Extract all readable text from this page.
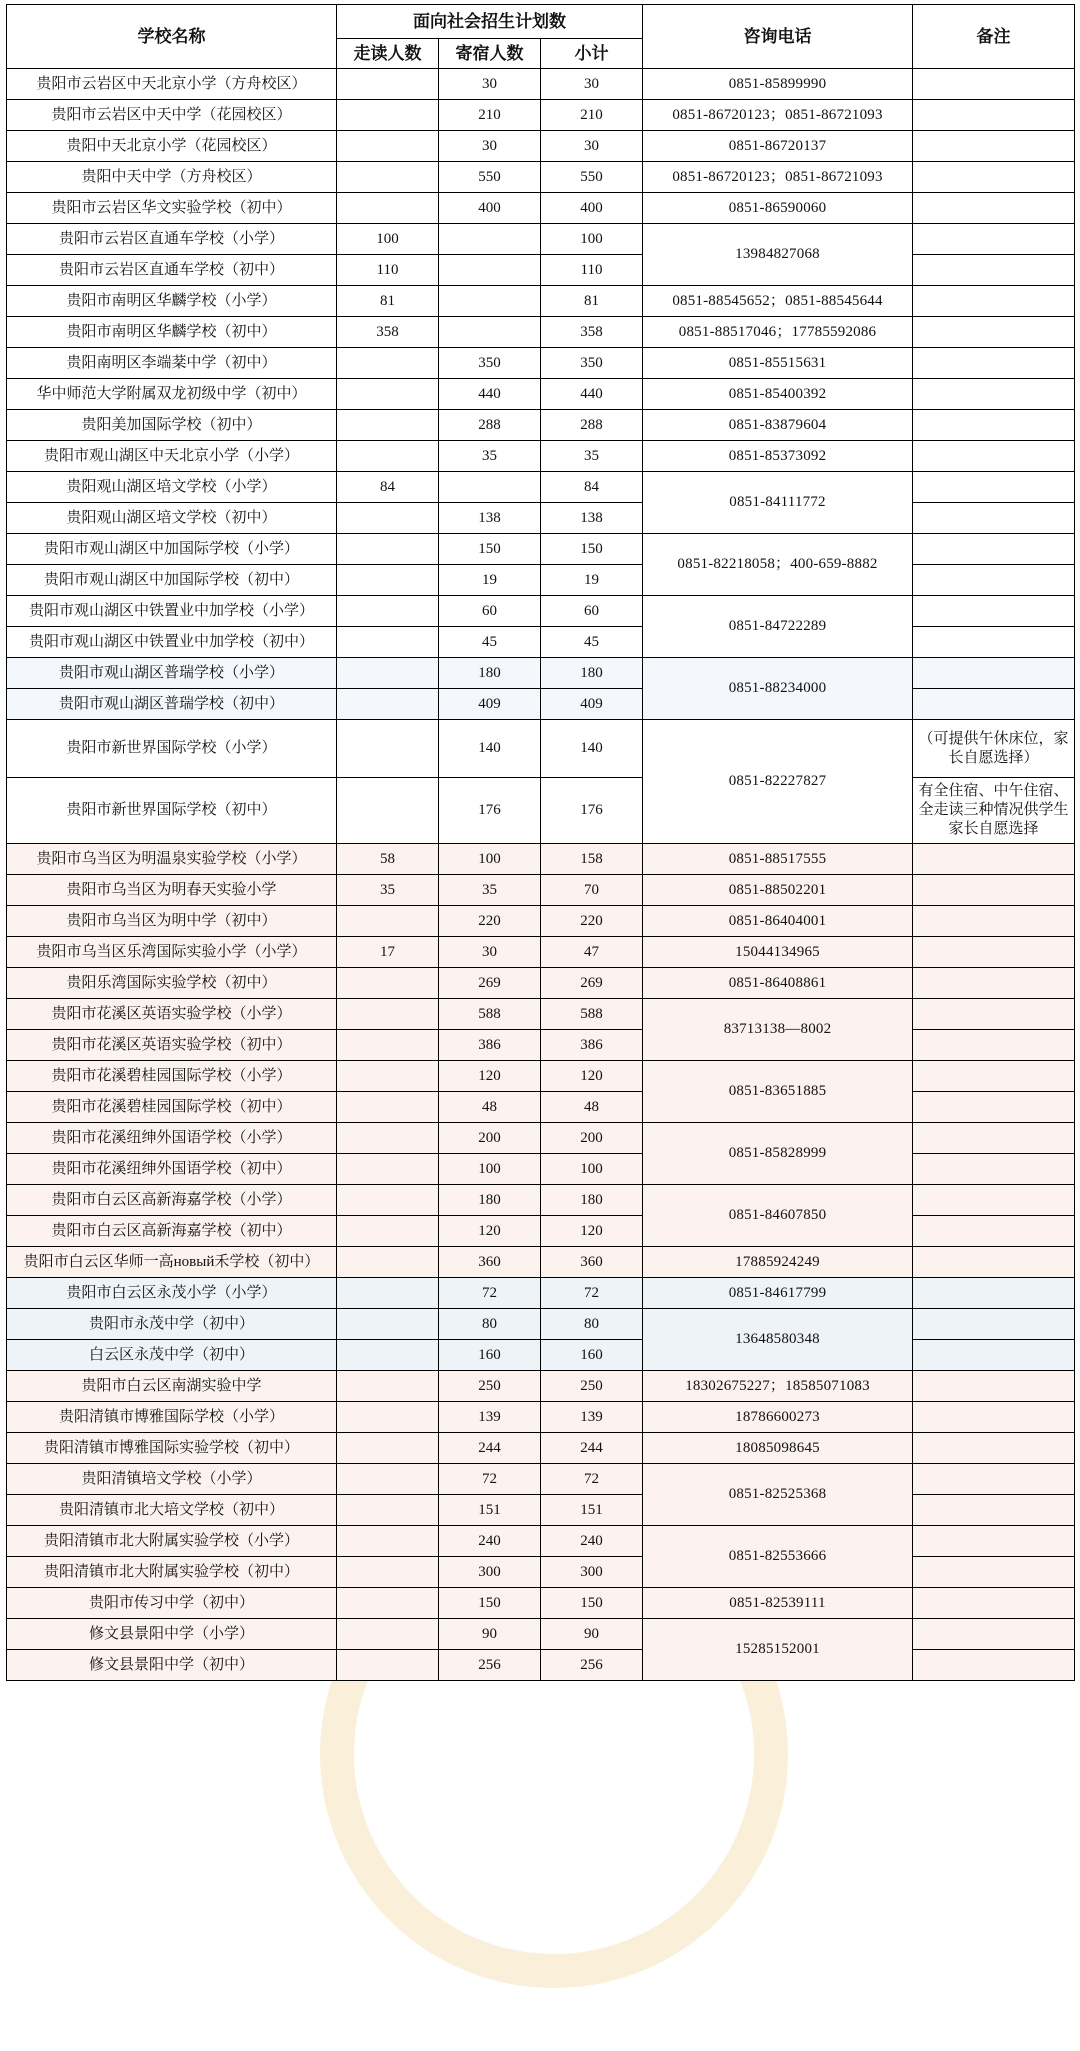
学校名称	面向社会招生计划数			咨询电话	备注
	走读人数	寄宿人数	小计		
贵阳市云岩区中天北京小学（方舟校区）		30	30	0851-85899990	
贵阳市云岩区中天中学（花园校区）		210	210	0851-86720123；0851-86721093	
贵阳中天北京小学（花园校区）		30	30	0851-86720137	
贵阳中天中学（方舟校区）		550	550	0851-86720123；0851-86721093	
贵阳市云岩区华文实验学校（初中）		400	400	0851-86590060	
贵阳市云岩区直通车学校（小学）	100		100	13984827068	
贵阳市云岩区直通车学校（初中）	110		110		
贵阳市南明区华麟学校（小学）	81		81	0851-88545652；0851-88545644	
贵阳市南明区华麟学校（初中）	358		358	0851-88517046；17785592086	
贵阳南明区李端棻中学（初中）		350	350	0851-85515631	
华中师范大学附属双龙初级中学（初中）		440	440	0851-85400392	
贵阳美加国际学校（初中）		288	288	0851-83879604	
贵阳市观山湖区中天北京小学（小学）		35	35	0851-85373092	
贵阳观山湖区培文学校（小学）	84		84	0851-84111772	
贵阳观山湖区培文学校（初中）		138	138		
贵阳市观山湖区中加国际学校（小学）		150	150	0851-82218058；400-659-8882	
贵阳市观山湖区中加国际学校（初中）		19	19		
贵阳市观山湖区中铁置业中加学校（小学）		60	60	0851-84722289	
贵阳市观山湖区中铁置业中加学校（初中）		45	45		
贵阳市观山湖区普瑞学校（小学）		180	180	0851-88234000	
贵阳市观山湖区普瑞学校（初中）		409	409		
贵阳市新世界国际学校（小学）		140	140	0851-82227827	（可提供午休床位，家长自愿选择）
贵阳市新世界国际学校（初中）		176	176		有全住宿、中午住宿、全走读三种情况供学生家长自愿选择
贵阳市乌当区为明温泉实验学校（小学）	58	100	158	0851-88517555	
贵阳市乌当区为明春天实验小学	35	35	70	0851-88502201	
贵阳市乌当区为明中学（初中）		220	220	0851-86404001	
贵阳市乌当区乐湾国际实验小学（小学）	17	30	47	15044134965	
贵阳乐湾国际实验学校（初中）		269	269	0851-86408861	
贵阳市花溪区英语实验学校（小学）		588	588	83713138—8002	
贵阳市花溪区英语实验学校（初中）		386	386		
贵阳市花溪碧桂园国际学校（小学）		120	120	0851-83651885	
贵阳市花溪碧桂园国际学校（初中）		48	48		
贵阳市花溪纽绅外国语学校（小学）		200	200	0851-85828999	
贵阳市花溪纽绅外国语学校（初中）		100	100		
贵阳市白云区高新海嘉学校（小学）		180	180	0851-84607850	
贵阳市白云区高新海嘉学校（初中）		120	120		
贵阳市白云区华师一高новый禾学校（初中）		360	360	17885924249	
贵阳市白云区永茂小学（小学）		72	72	0851-84617799	
贵阳市永茂中学（初中）		80	80	13648580348	
白云区永茂中学（初中）		160	160		
贵阳市白云区南湖实验中学		250	250	18302675227；18585071083	
贵阳清镇市博雅国际学校（小学）		139	139	18786600273	
贵阳清镇市博雅国际实验学校（初中）		244	244	18085098645	
贵阳清镇培文学校（小学）		72	72	0851-82525368	
贵阳清镇市北大培文学校（初中）		151	151		
贵阳清镇市北大附属实验学校（小学）		240	240	0851-82553666	
贵阳清镇市北大附属实验学校（初中）		300	300		
贵阳市传习中学（初中）		150	150	0851-82539111	
修文县景阳中学（小学）		90	90	15285152001	
修文县景阳中学（初中）		256	256		
